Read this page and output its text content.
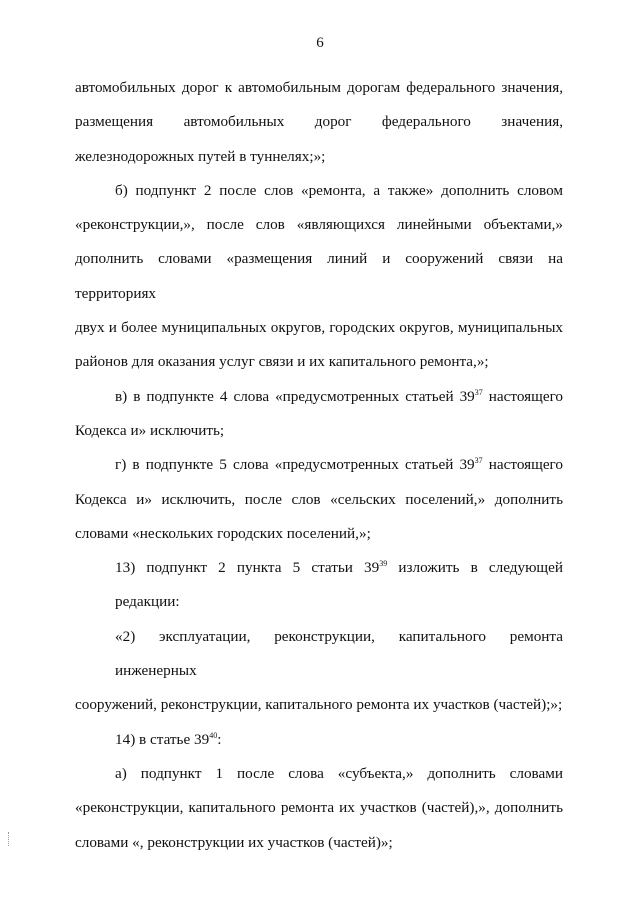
6

автомобильных дорог к автомобильным дорогам федерального значения,
размещения автомобильных дорог федерального значения,
железнодорожных путей в туннелях;»;

б) подпункт 2 после слов «ремонта, а также» дополнить словом
«реконструкции,», после слов «являющихся линейными объектами,»
дополнить словами «размещения линий и сооружений связи на территориях
двух и более муниципальных округов, городских округов, муниципальных
районов для оказания услуг связи и их капитального ремонта,»;

в) в подпункте 4 слова «предусмотренных статьей $39^{37}$ настоящего
Кодекса и» исключить;

г) в подпункте 5 слова «предусмотренных статьей $39^{37}$ настоящего
Кодекса и» исключить, после слов «сельских поселений,» дополнить
словами «нескольких городских поселений,»;

13) подпункт 2 пункта 5 статьи $39^{39}$ изложить в следующей редакции:

«2) эксплуатации, реконструкции, капитального ремонта инженерных
сооружений, реконструкции, капитального ремонта их участков (частей);»;

14) в статье $39^{40}$:

а) подпункт 1 после слова «субъекта,» дополнить словами
«реконструкции, капитального ремонта их участков (частей),», дополнить
словами «, реконструкции их участков (частей)»;
